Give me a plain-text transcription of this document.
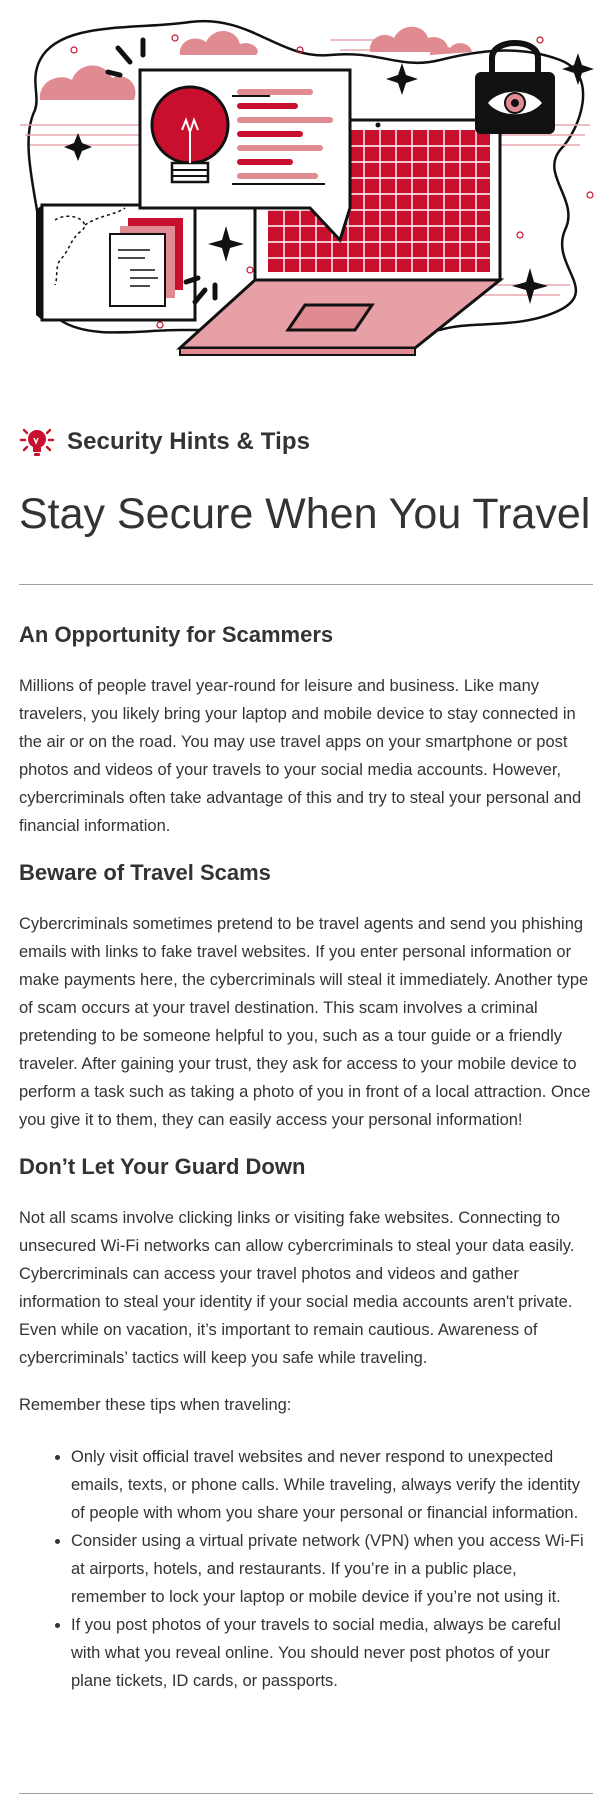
Security Hints & Tips
Stay Secure When You Travel
An Opportunity for Scammers

Millions of people travel year-round for leisure and business. Like many travelers, you likely bring your laptop and mobile device to stay connected in the air or on the road. You may use travel apps on your smartphone or post photos and videos of your travels to your social media accounts. However, cybercriminals often take advantage of this and try to steal your personal and financial information.

Beware of Travel Scams

Cybercriminals sometimes pretend to be travel agents and send you phishing emails with links to fake travel websites. If you enter personal information or make payments here, the cybercriminals will steal it immediately. Another type of scam occurs at your travel destination. This scam involves a criminal pretending to be someone helpful to you, such as a tour guide or a friendly traveler. After gaining your trust, they ask for access to your mobile device to perform a task such as taking a photo of you in front of a local attraction. Once you give it to them, they can easily access your personal information!

Don’t Let Your Guard Down

Not all scams involve clicking links or visiting fake websites. Connecting to unsecured Wi-Fi networks can allow cybercriminals to steal your data easily. Cybercriminals can access your travel photos and videos and gather information to steal your identity if your social media accounts aren't private. Even while on vacation, it’s important to remain cautious. Awareness of cybercriminals’ tactics will keep you safe while traveling.

Remember these tips when traveling:

• Only visit official travel websites and never respond to unexpected emails, texts, or phone calls. While traveling, always verify the identity of people with whom you share your personal or financial information.
• Consider using a virtual private network (VPN) when you access Wi-Fi at airports, hotels, and restaurants. If you’re in a public place, remember to lock your laptop or mobile device if you’re not using it.
• If you post photos of your travels to social media, always be careful with what you reveal online. You should never post photos of your plane tickets, ID cards, or passports.
